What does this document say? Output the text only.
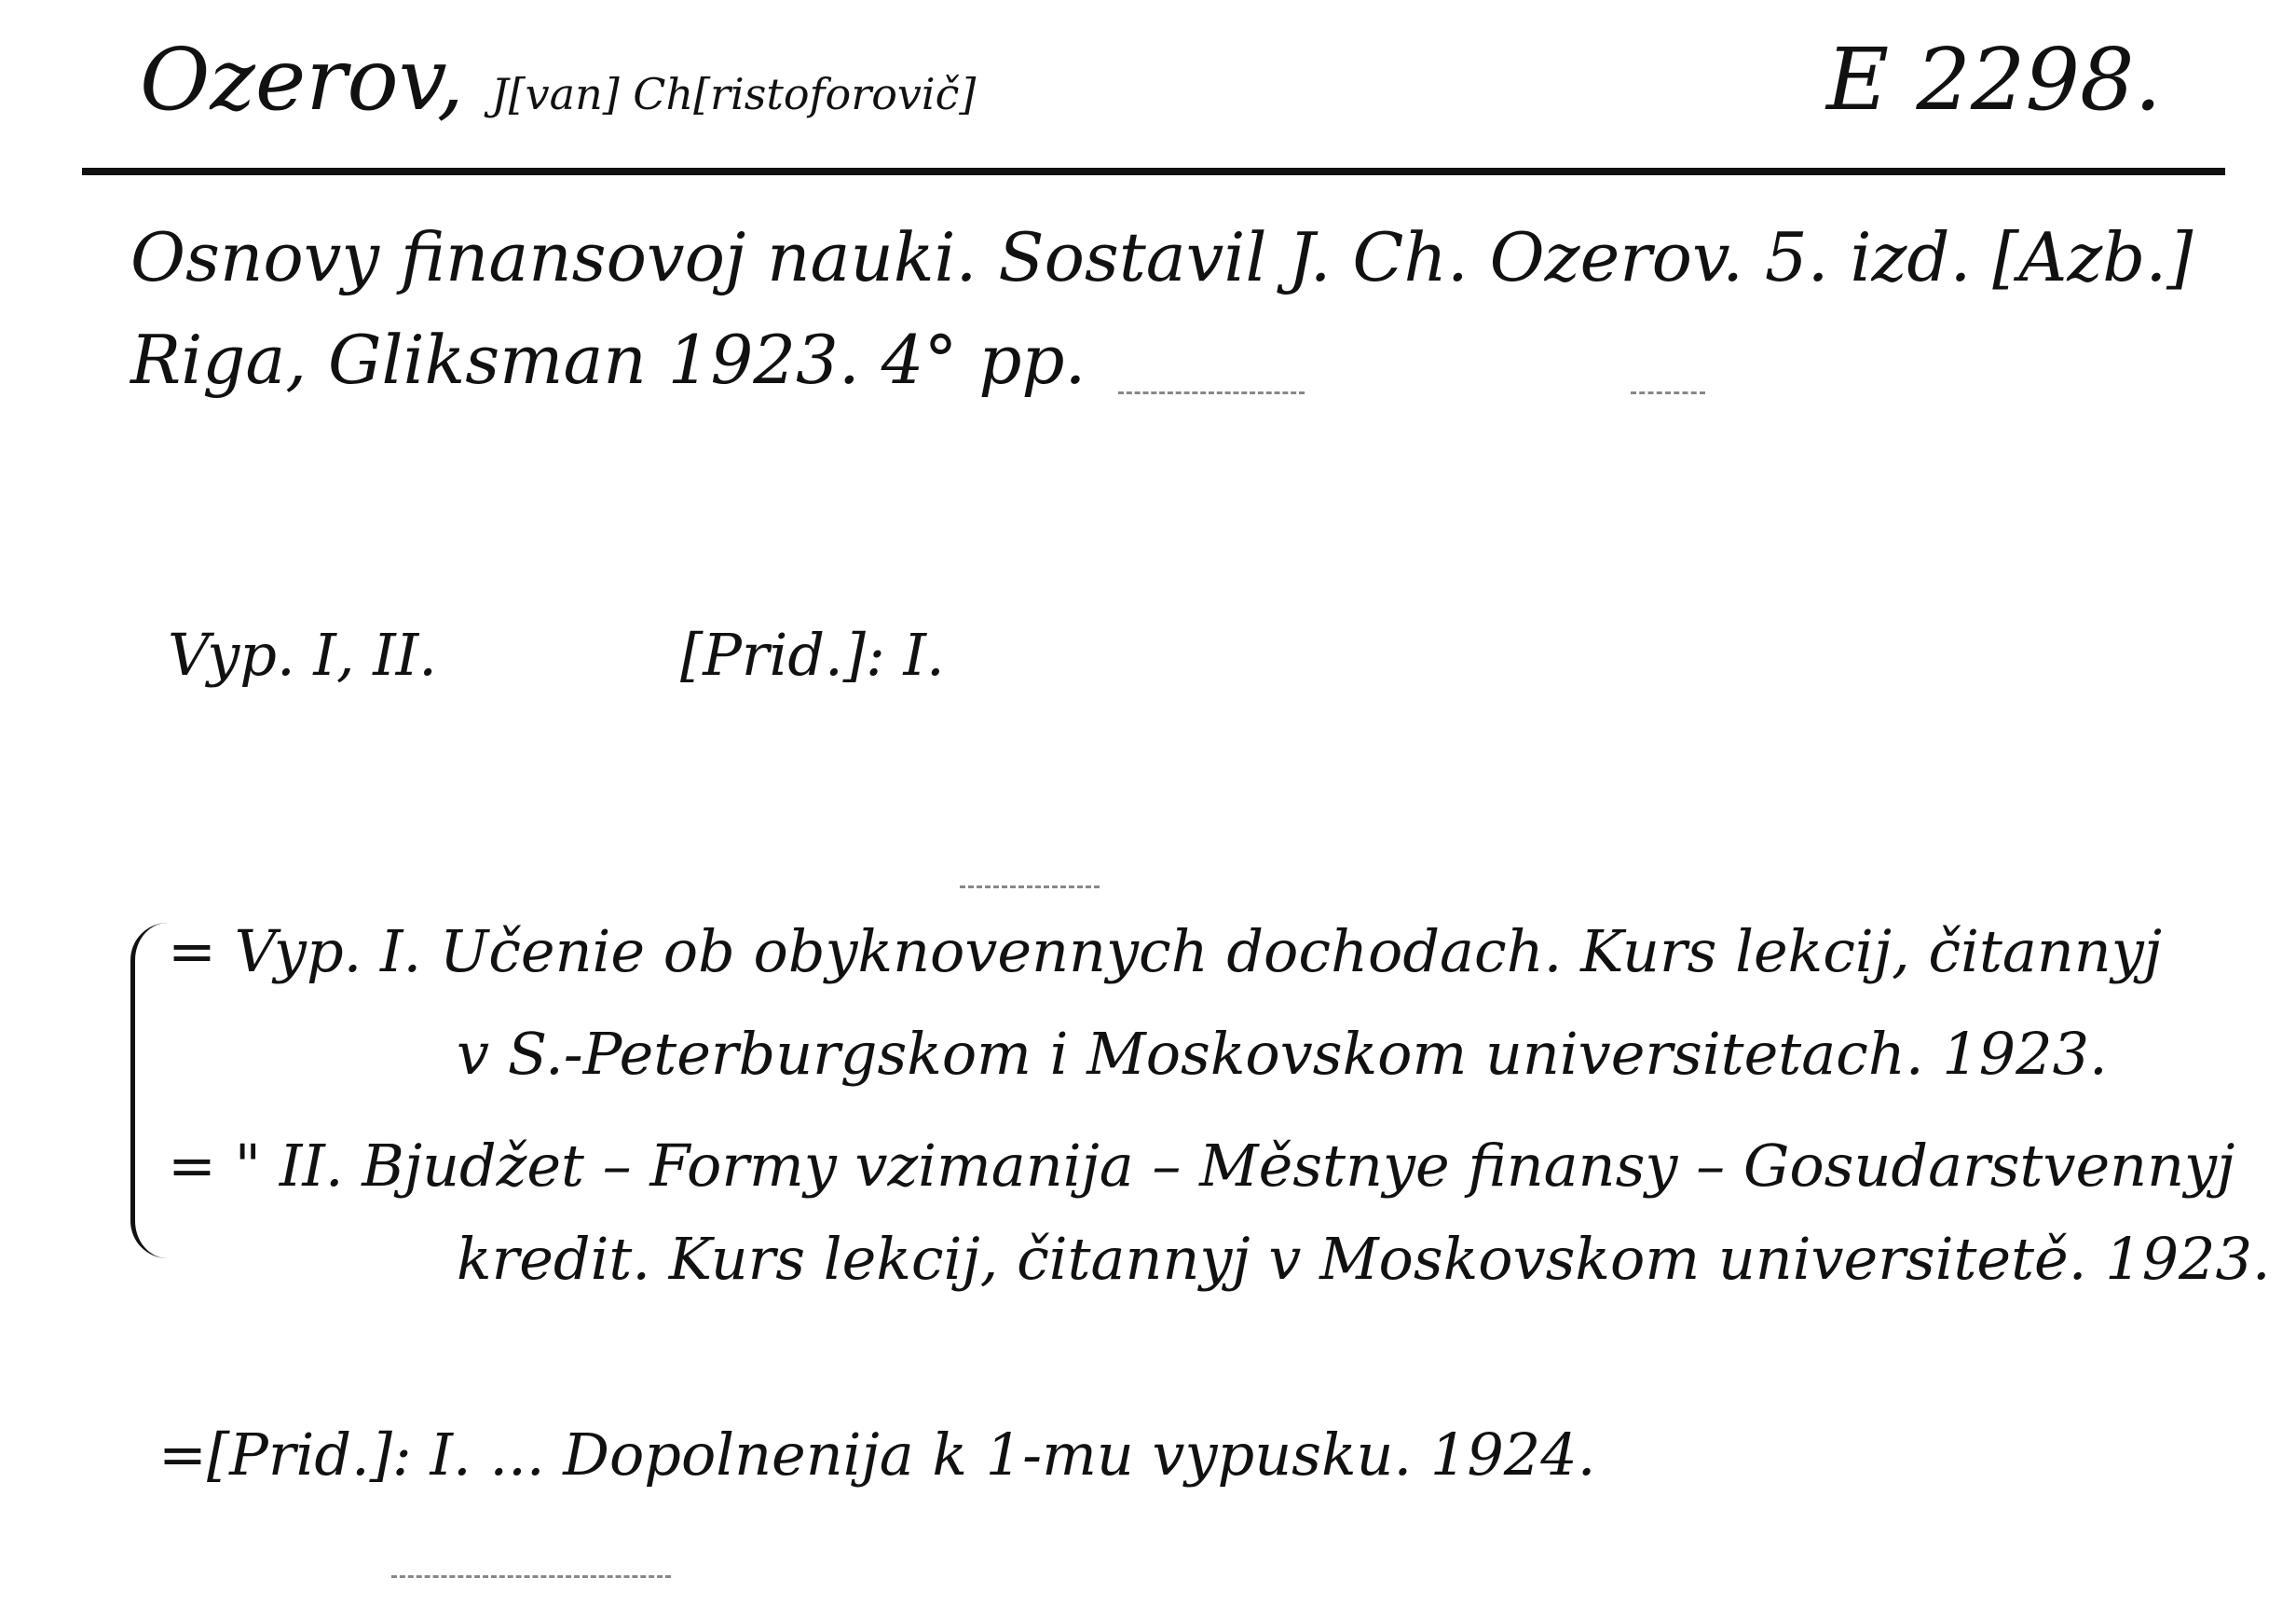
Ozerov, J[van] Ch[ristoforovič]	E 2298.
Osnovy finansovoj nauki. Sostavil J. Ch. Ozerov. 5. izd. [Azb.]
Riga, Gliksman 1923. 4° pp.
Vyp. I, II.	[Prid.]: I.
= Vyp. I. Učenie ob obyknovennych dochodach. Kurs lekcij, čitannyj
v S.-Peterburgskom i Moskovskom universitetach. 1923.
= " II. Bjudžet – Formy vzimanija – Městnye finansy – Gosudarstvennyj
kredit. Kurs lekcij, čitannyj v Moskovskom universitetě. 1923.
=[Prid.]: I. ... Dopolnenija k 1-mu vypusku. 1924.
